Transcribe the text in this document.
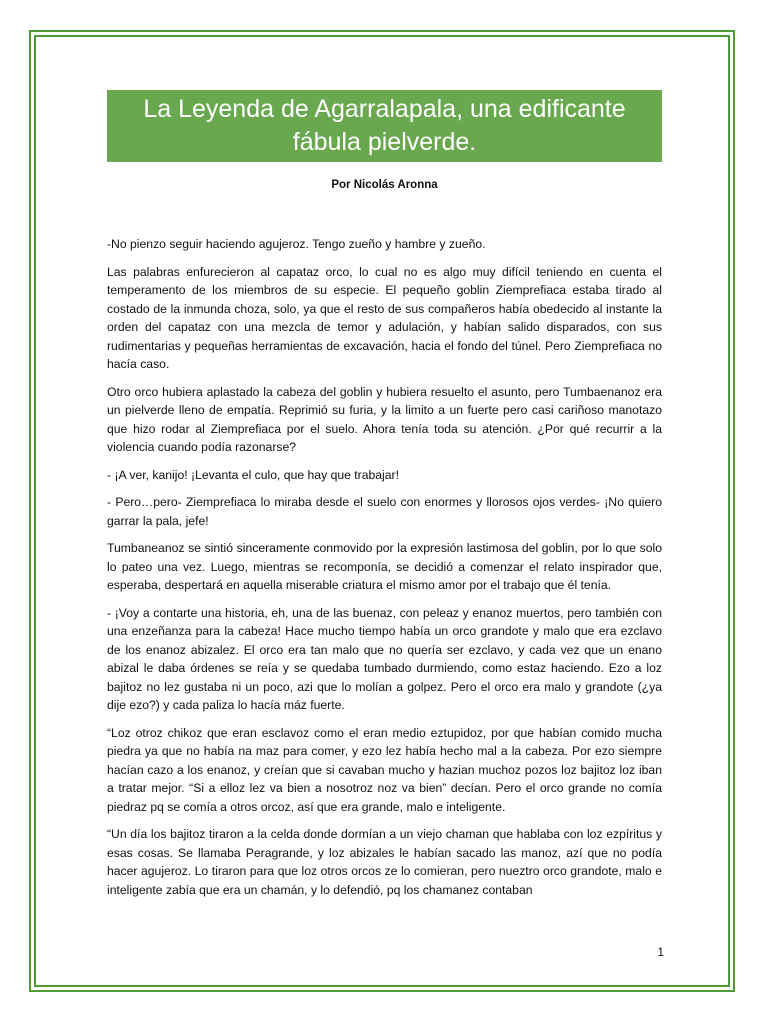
La Leyenda de Agarralapala, una edificante fábula pielverde.
Por Nicolás Aronna

-No pienzo seguir haciendo agujeroz. Tengo zueño y hambre y zueño.

Las palabras enfurecieron al capataz orco, lo cual no es algo muy difícil teniendo en cuenta el temperamento de los miembros de su especie. El pequeño goblin Ziemprefiaca estaba tirado al costado de la inmunda choza, solo, ya que el resto de sus compañeros había obedecido al instante la orden del capataz con una mezcla de temor y adulación, y habían salido disparados, con sus rudimentarias y pequeñas herramientas de excavación, hacia el fondo del túnel. Pero Ziemprefiaca no hacía caso.

Otro orco hubiera aplastado la cabeza del goblin y hubiera resuelto el asunto, pero Tumbaenanoz era un pielverde lleno de empatía. Reprimió su furia, y la limito a un fuerte pero casi cariñoso manotazo que hizo rodar al Ziemprefiaca por el suelo. Ahora tenía toda su atención. ¿Por qué recurrir a la violencia cuando podía razonarse?

- ¡A ver, kanijo! ¡Levanta el culo, que hay que trabajar!

- Pero…pero- Ziemprefiaca lo miraba desde el suelo con enormes y llorosos ojos verdes- ¡No quiero garrar la pala, jefe!

Tumbaneanoz se sintió sinceramente conmovido por la expresión lastimosa del goblin, por lo que solo lo pateo una vez. Luego, mientras se recomponía, se decidió a comenzar el relato inspirador que, esperaba, despertará en aquella miserable criatura el mismo amor por el trabajo que él tenía.

- ¡Voy a contarte una historia, eh, una de las buenaz, con peleaz y enanoz muertos, pero también con una enzeñanza para la cabeza! Hace mucho tiempo había un orco grandote y malo que era ezclavo de los enanoz abizalez. El orco era tan malo que no quería ser ezclavo, y cada vez que un enano abizal le daba órdenes se reía y se quedaba tumbado durmiendo, como estaz haciendo. Ezo a loz bajitoz no lez gustaba ni un poco, azi que lo molían a golpez. Pero el orco era malo y grandote (¿ya dije ezo?) y cada paliza lo hacía máz fuerte.

“Loz otroz chikoz que eran esclavoz como el eran medio eztupidoz, por que habían comido mucha piedra ya que no había na maz para comer, y ezo lez había hecho mal a la cabeza. Por ezo siempre hacían cazo a los enanoz, y creían que si cavaban mucho y hazian muchoz pozos loz bajitoz loz iban a tratar mejor. “Si a elloz lez va bien a nosotroz noz va bien” decían. Pero el orco grande no comía piedraz pq se comía a otros orcoz, así que era grande, malo e inteligente.

“Un día los bajitoz tiraron a la celda donde dormían a un viejo chaman que hablaba con loz ezpíritus y esas cosas. Se llamaba Peragrande, y loz abizales le habían sacado las manoz, azí que no podía hacer agujeroz. Lo tiraron para que loz otros orcos ze lo comieran, pero nueztro orco grandote, malo e inteligente zabía que era un chamán, y lo defendió, pq los chamanez contaban

1
